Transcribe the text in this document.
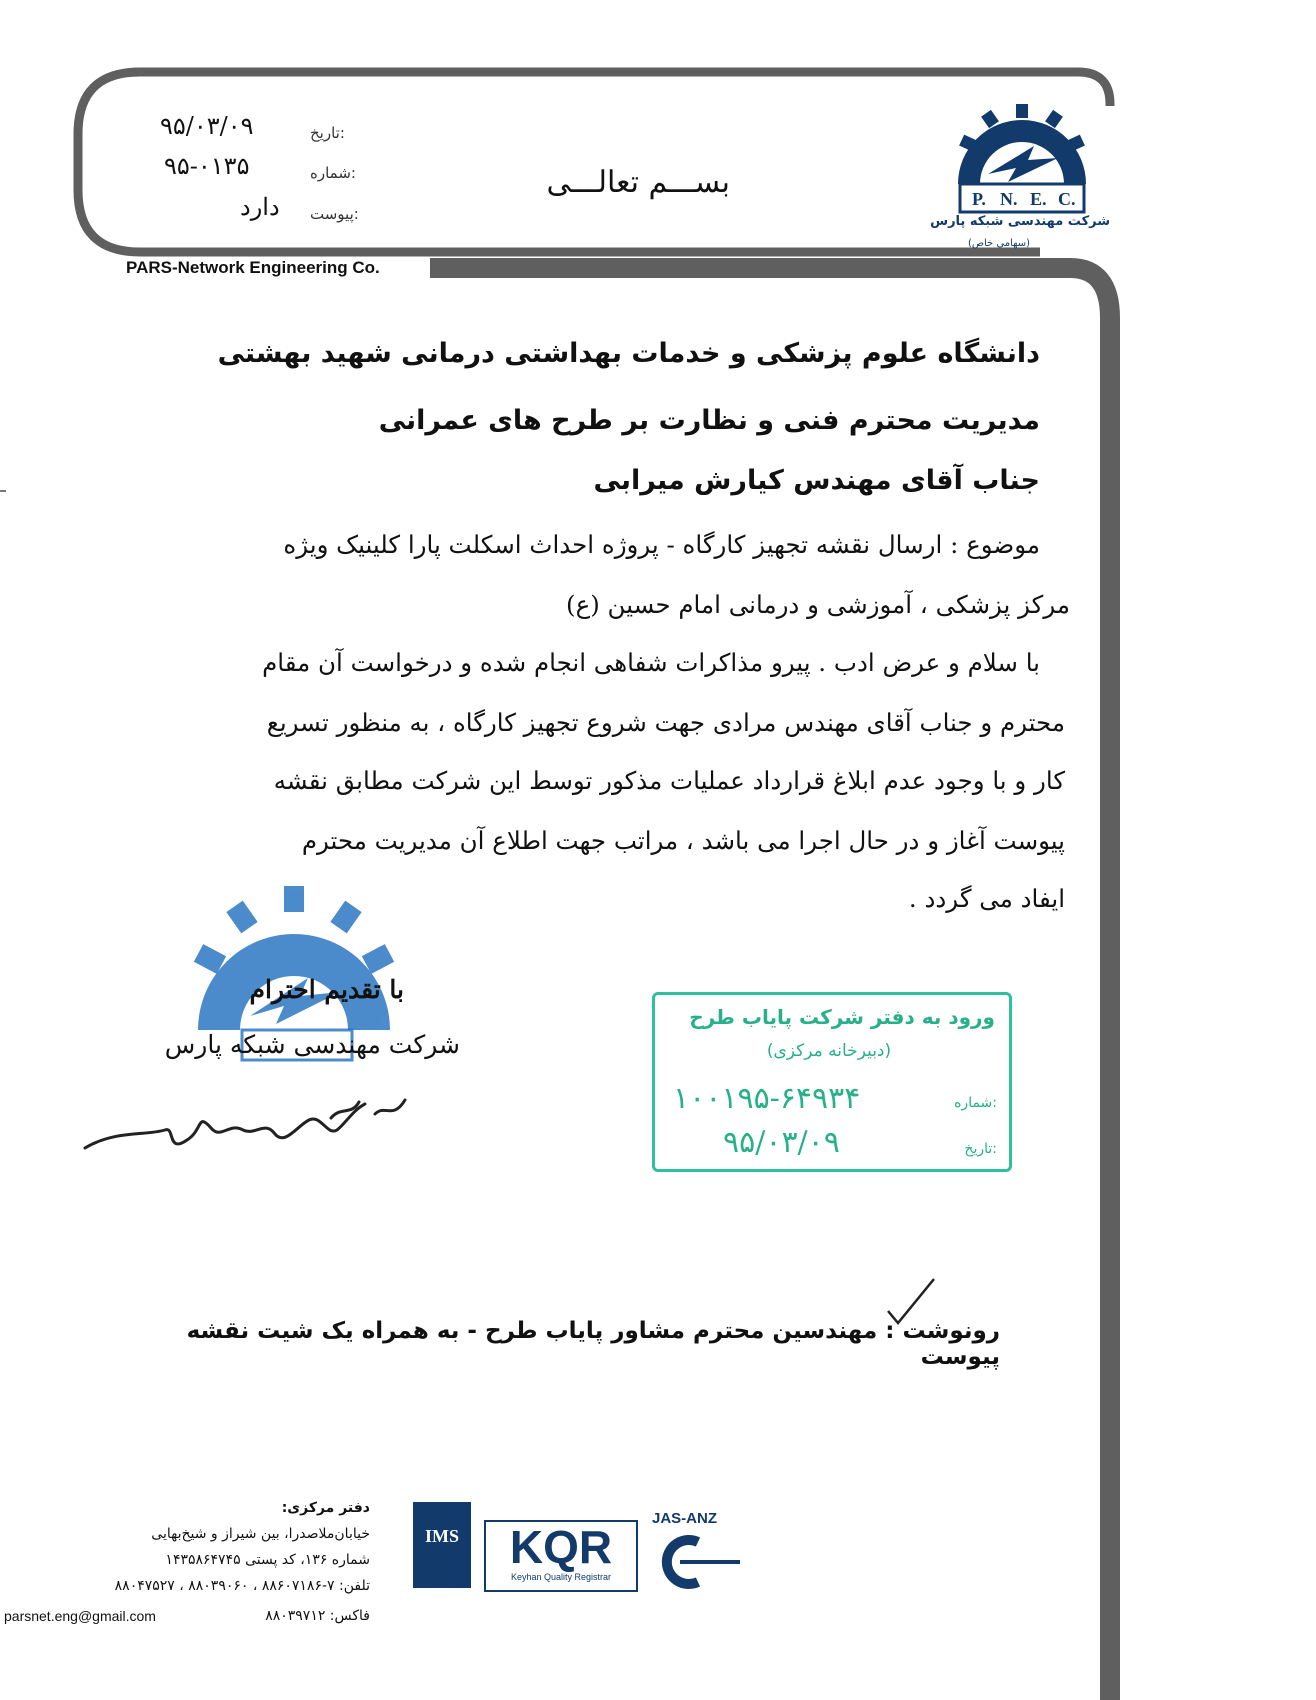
تاریخ:
۹۵/۰۳/۰۹
شماره:
۹۵-۰۱۳۵
پیوست:
دارد
بســـم تعالـــی
PARS-Network Engineering Co.
P. N. E. C.
شرکت مهندسی شبکه پارس
(سهامی خاص)
دانشگاه علوم پزشکی و خدمات بهداشتی درمانی شهید بهشتی
مدیریت محترم فنی و نظارت بر طرح های عمرانی
جناب آقای مهندس کیارش میرابی
موضوع : ارسال نقشه تجهیز کارگاه - پروژه احداث اسکلت پارا کلینیک ویژه
مرکز پزشکی ، آموزشی و درمانی امام حسین (ع)
با سلام و عرض ادب . پیرو مذاکرات شفاهی انجام شده و درخواست آن مقام
محترم و جناب آقای مهندس مرادی جهت شروع تجهیز کارگاه ، به منظور تسریع
کار و با وجود عدم ابلاغ قرارداد عملیات مذکور توسط این شرکت مطابق نقشه
پیوست آغاز و در حال اجرا می باشد ، مراتب جهت اطلاع آن مدیریت محترم
ایفاد می گردد .
با تقدیم احترام
شرکت مهندسی شبکه پارس
ورود به دفتر شرکت پایاب طرح
(دبیرخانه مرکزی)
شماره:
۱۰۰۱۹۵-۶۴۹۳۴
تاریخ:
۹۵/۰۳/۰۹
رونوشت : مهندسین محترم مشاور پایاب طرح - به همراه یک شیت نقشه پیوست
دفتر مرکزی:
خیابان‌ملاصدرا، بین شیراز و شیخ‌بهایی
شماره ۱۳۶، کد پستی ۱۴۳۵۸۶۴۷۴۵
تلفن: ۷-۸۸۶۰۷۱۸۶ ، ۸۸۰۳۹۰۶۰ ، ۸۸۰۴۷۵۲۷
فاکس: ۸۸۰۳۹۷۱۲
parsnet.eng@gmail.com
IMS	KQR
Keyhan Quality Registrar
JAS-ANZ
